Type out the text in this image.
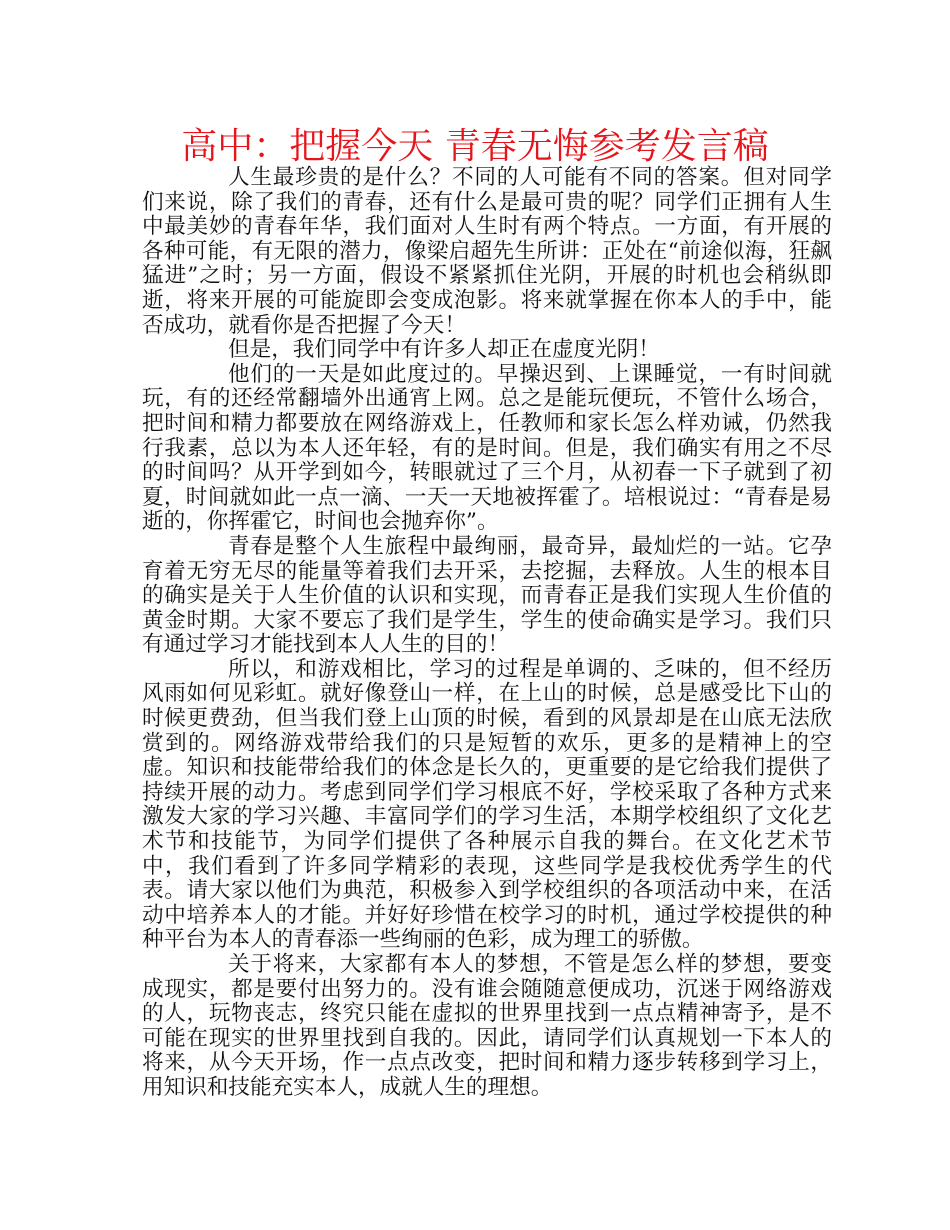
高中：把握今天 青春无悔参考发言稿

人生最珍贵的是什么？不同的人可能有不同的答案。但对同学们来说，除了我们的青春，还有什么是最可贵的呢？同学们正拥有人生中最美妙的青春年华，我们面对人生时有两个特点。一方面，有开展的各种可能，有无限的潜力，像梁启超先生所讲：正处在“前途似海，狂飙猛进”之时；另一方面，假设不紧紧抓住光阴，开展的时机也会稍纵即逝，将来开展的可能旋即会变成泡影。将来就掌握在你本人的手中，能否成功，就看你是否把握了今天！

但是，我们同学中有许多人却正在虚度光阴！

他们的一天是如此度过的。早操迟到、上课睡觉，一有时间就玩，有的还经常翻墙外出通宵上网。总之是能玩便玩，不管什么场合，把时间和精力都要放在网络游戏上，任教师和家长怎么样劝诫，仍然我行我素，总以为本人还年轻，有的是时间。但是，我们确实有用之不尽的时间吗？从开学到如今，转眼就过了三个月，从初春一下子就到了初夏，时间就如此一点一滴、一天一天地被挥霍了。培根说过：“青春是易逝的，你挥霍它，时间也会抛弃你”。

青春是整个人生旅程中最绚丽，最奇异，最灿烂的一站。它孕育着无穷无尽的能量等着我们去开采，去挖掘，去释放。人生的根本目的确实是关于人生价值的认识和实现，而青春正是我们实现人生价值的黄金时期。大家不要忘了我们是学生，学生的使命确实是学习。我们只有通过学习才能找到本人人生的目的！

所以，和游戏相比，学习的过程是单调的、乏味的，但不经历风雨如何见彩虹。就好像登山一样，在上山的时候，总是感受比下山的时候更费劲，但当我们登上山顶的时候，看到的风景却是在山底无法欣赏到的。网络游戏带给我们的只是短暂的欢乐，更多的是精神上的空虚。知识和技能带给我们的体念是长久的，更重要的是它给我们提供了持续开展的动力。考虑到同学们学习根底不好，学校采取了各种方式来激发大家的学习兴趣、丰富同学们的学习生活，本期学校组织了文化艺术节和技能节，为同学们提供了各种展示自我的舞台。在文化艺术节中，我们看到了许多同学精彩的表现，这些同学是我校优秀学生的代表。请大家以他们为典范，积极参入到学校组织的各项活动中来，在活动中培养本人的才能。并好好珍惜在校学习的时机，通过学校提供的种种平台为本人的青春添一些绚丽的色彩，成为理工的骄傲。

关于将来，大家都有本人的梦想，不管是怎么样的梦想，要变成现实，都是要付出努力的。没有谁会随随意便成功，沉迷于网络游戏的人，玩物丧志，终究只能在虚拟的世界里找到一点点精神寄予，是不可能在现实的世界里找到自我的。因此，请同学们认真规划一下本人的将来，从今天开场，作一点点改变，把时间和精力逐步转移到学习上，用知识和技能充实本人，成就人生的理想。
